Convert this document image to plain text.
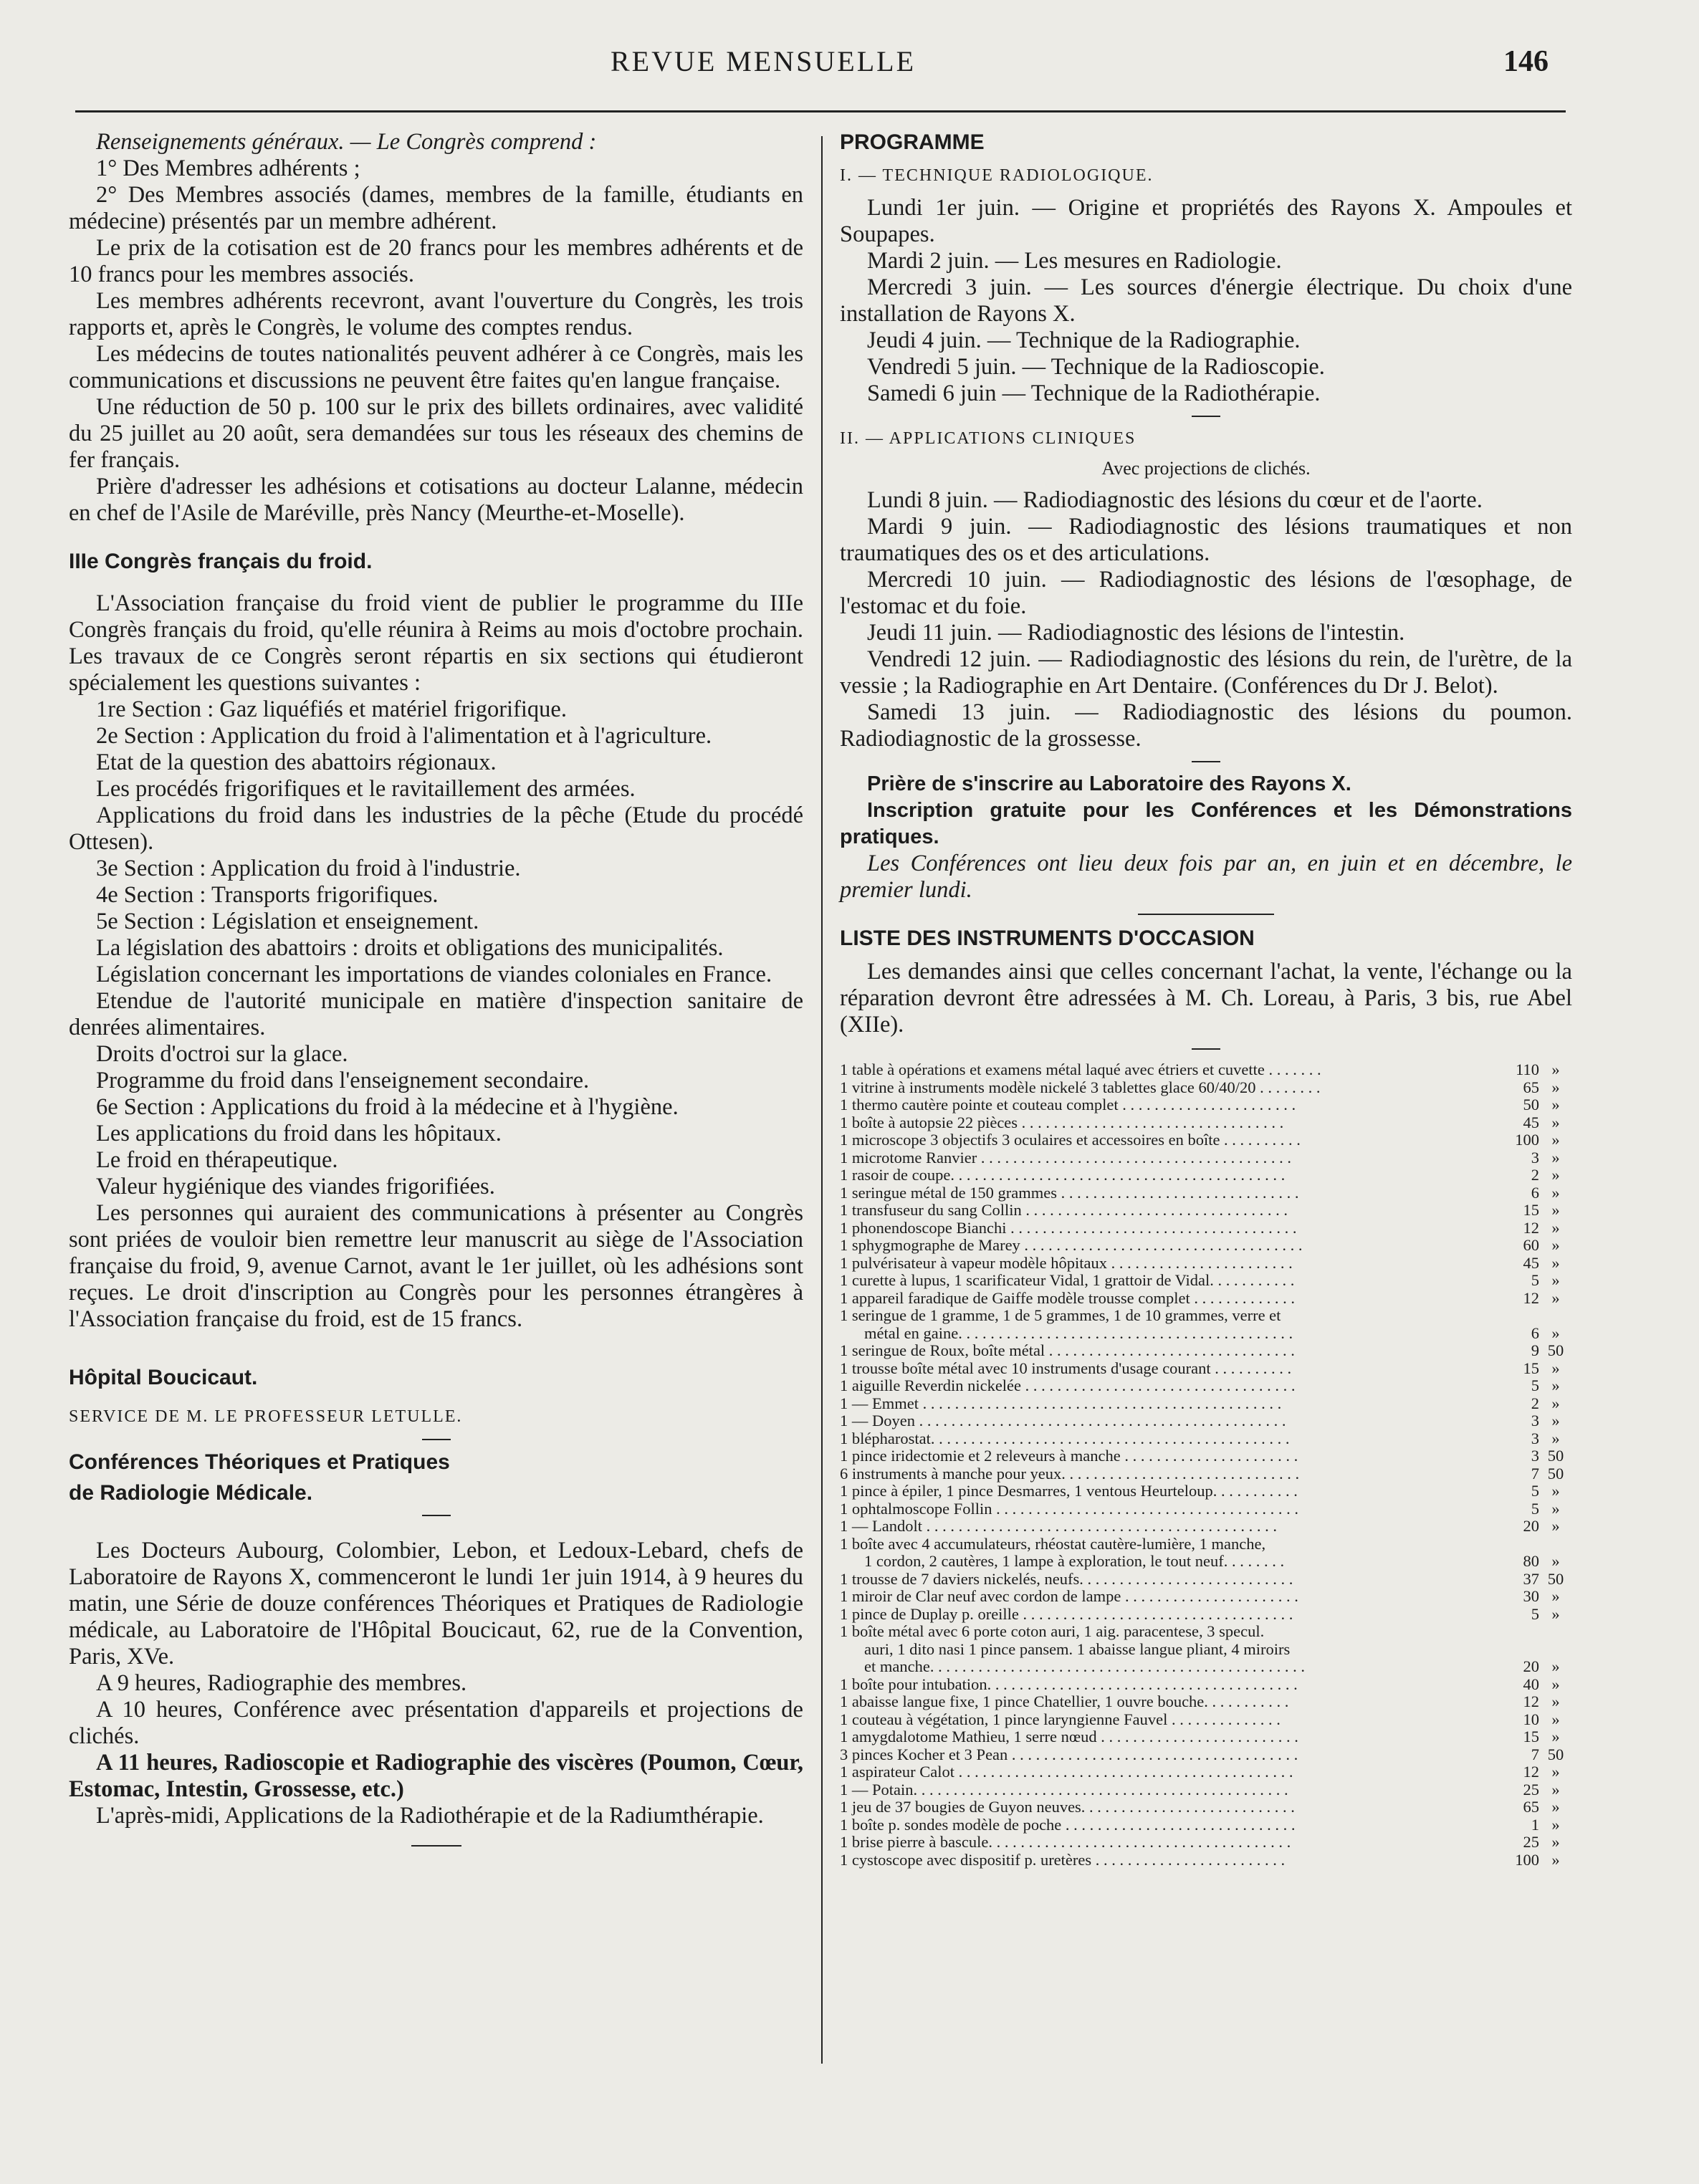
REVUE MENSUELLE	146

Renseignements généraux. — Le Congrès comprend :

1° Des Membres adhérents ;

2° Des Membres associés (dames, membres de la famille, étudiants en médecine) présentés par un membre adhérent.

Le prix de la cotisation est de 20 francs pour les membres adhérents et de 10 francs pour les membres associés.

Les membres adhérents recevront, avant l'ouverture du Congrès, les trois rapports et, après le Congrès, le volume des comptes rendus.

Les médecins de toutes nationalités peuvent adhérer à ce Congrès, mais les communications et discussions ne peuvent être faites qu'en langue française.

Une réduction de 50 p. 100 sur le prix des billets ordinaires, avec validité du 25 juillet au 20 août, sera demandées sur tous les réseaux des chemins de fer français.

Prière d'adresser les adhésions et cotisations au docteur Lalanne, médecin en chef de l'Asile de Maréville, près Nancy (Meurthe-et-Moselle).

IIIe Congrès français du froid.

L'Association française du froid vient de publier le programme du IIIe Congrès français du froid, qu'elle réunira à Reims au mois d'octobre prochain. Les travaux de ce Congrès seront répartis en six sections qui étudieront spécialement les questions suivantes :

1re Section : Gaz liquéfiés et matériel frigorifique.

2e Section : Application du froid à l'alimentation et à l'agriculture.

Etat de la question des abattoirs régionaux.

Les procédés frigorifiques et le ravitaillement des armées.

Applications du froid dans les industries de la pêche (Etude du procédé Ottesen).

3e Section : Application du froid à l'industrie.

4e Section : Transports frigorifiques.

5e Section : Législation et enseignement.

La législation des abattoirs : droits et obligations des municipalités.

Législation concernant les importations de viandes coloniales en France.

Etendue de l'autorité municipale en matière d'inspection sanitaire de denrées alimentaires.

Droits d'octroi sur la glace.

Programme du froid dans l'enseignement secondaire.

6e Section : Applications du froid à la médecine et à l'hygiène.

Les applications du froid dans les hôpitaux.

Le froid en thérapeutique.

Valeur hygiénique des viandes frigorifiées.

Les personnes qui auraient des communications à présenter au Congrès sont priées de vouloir bien remettre leur manuscrit au siège de l'Association française du froid, 9, avenue Carnot, avant le 1er juillet, où les adhésions sont reçues. Le droit d'inscription au Congrès pour les personnes étrangères à l'Association française du froid, est de 15 francs.

Hôpital Boucicaut.

SERVICE DE M. LE PROFESSEUR LETULLE.

Conférences Théoriques et Pratiques

de Radiologie Médicale.

Les Docteurs Aubourg, Colombier, Lebon, et Ledoux-Lebard, chefs de Laboratoire de Rayons X, commenceront le lundi 1er juin 1914, à 9 heures du matin, une Série de douze conférences Théoriques et Pratiques de Radiologie médicale, au Laboratoire de l'Hôpital Boucicaut, 62, rue de la Convention, Paris, XVe.

A 9 heures, Radiographie des membres.

A 10 heures, Conférence avec présentation d'appareils et projections de clichés.

A 11 heures, Radioscopie et Radiographie des viscères (Poumon, Cœur, Estomac, Intestin, Grossesse, etc.)

L'après-midi, Applications de la Radiothérapie et de la Radiumthérapie.

PROGRAMME

I. — TECHNIQUE RADIOLOGIQUE.

Lundi 1er juin. — Origine et propriétés des Rayons X. Ampoules et Soupapes.

Mardi 2 juin. — Les mesures en Radiologie.

Mercredi 3 juin. — Les sources d'énergie électrique. Du choix d'une installation de Rayons X.

Jeudi 4 juin. — Technique de la Radiographie.

Vendredi 5 juin. — Technique de la Radioscopie.

Samedi 6 juin — Technique de la Radiothérapie.

II. — APPLICATIONS CLINIQUES

Avec projections de clichés.

Lundi 8 juin. — Radiodiagnostic des lésions du cœur et de l'aorte.

Mardi 9 juin. — Radiodiagnostic des lésions traumatiques et non traumatiques des os et des articulations.

Mercredi 10 juin. — Radiodiagnostic des lésions de l'œsophage, de l'estomac et du foie.

Jeudi 11 juin. — Radiodiagnostic des lésions de l'intestin.

Vendredi 12 juin. — Radiodiagnostic des lésions du rein, de l'urètre, de la vessie ; la Radiographie en Art Dentaire. (Conférences du Dr J. Belot).

Samedi 13 juin. — Radiodiagnostic des lésions du poumon. Radiodiagnostic de la grossesse.

Prière de s'inscrire au Laboratoire des Rayons X.

Inscription gratuite pour les Conférences et les Démonstrations pratiques.

Les Conférences ont lieu deux fois par an, en juin et en décembre, le premier lundi.

LISTE DES INSTRUMENTS D'OCCASION

Les demandes ainsi que celles concernant l'achat, la vente, l'échange ou la réparation devront être adressées à M. Ch. Loreau, à Paris, 3 bis, rue Abel (XIIe).

1 table à opérations et examens métal laqué avec étriers et cuvette . . . . . . .	110 »
1 vitrine à instruments modèle nickelé 3 tablettes glace 60/40/20 . . . . . . . .	65 »
1 thermo cautère pointe et couteau complet . . . . . . . . . . . . . . . . . . . . . .	50 »
1 boîte à autopsie 22 pièces . . . . . . . . . . . . . . . . . . . . . . . . . . . . . . . . .	45 »
1 microscope 3 objectifs 3 oculaires et accessoires en boîte . . . . . . . . . .	100 »
1 microtome Ranvier . . . . . . . . . . . . . . . . . . . . . . . . . . . . . . . . . . . . . . .	3 »
1 rasoir de coupe. . . . . . . . . . . . . . . . . . . . . . . . . . . . . . . . . . . . . . . . . .	2 »
1 seringue métal de 150 grammes . . . . . . . . . . . . . . . . . . . . . . . . . . . . . .	6 »
1 transfuseur du sang Collin . . . . . . . . . . . . . . . . . . . . . . . . . . . . . . . . .	15 »
1 phonendoscope Bianchi . . . . . . . . . . . . . . . . . . . . . . . . . . . . . . . . . . . .	12 »
1 sphygmographe de Marey . . . . . . . . . . . . . . . . . . . . . . . . . . . . . . . . . . .	60 »
1 pulvérisateur à vapeur modèle hôpitaux . . . . . . . . . . . . . . . . . . . . . . .	45 »
1 curette à lupus, 1 scarificateur Vidal, 1 grattoir de Vidal. . . . . . . . . . .	5 »
1 appareil faradique de Gaiffe modèle trousse complet . . . . . . . . . . . . .	12 »
1 seringue de 1 gramme, 1 de 5 grammes, 1 de 10 grammes, verre et
métal en gaine. . . . . . . . . . . . . . . . . . . . . . . . . . . . . . . . . . . . . . . . . .	6 »
1 seringue de Roux, boîte métal . . . . . . . . . . . . . . . . . . . . . . . . . . . . . . .	9 50
1 trousse boîte métal avec 10 instruments d'usage courant . . . . . . . . . .	15 »
1 aiguille Reverdin nickelée . . . . . . . . . . . . . . . . . . . . . . . . . . . . . . . . . .	5 »
1 — Emmet . . . . . . . . . . . . . . . . . . . . . . . . . . . . . . . . . . . . . . . . . . . . .	2 »
1 — Doyen . . . . . . . . . . . . . . . . . . . . . . . . . . . . . . . . . . . . . . . . . . . . . .	3 »
1 blépharostat. . . . . . . . . . . . . . . . . . . . . . . . . . . . . . . . . . . . . . . . . . . . .	3 »
1 pince iridectomie et 2 releveurs à manche . . . . . . . . . . . . . . . . . . . . . .	3 50
6 instruments à manche pour yeux. . . . . . . . . . . . . . . . . . . . . . . . . . . . . .	7 50
1 pince à épiler, 1 pince Desmarres, 1 ventous Heurteloup. . . . . . . . . . .	5 »
1 ophtalmoscope Follin . . . . . . . . . . . . . . . . . . . . . . . . . . . . . . . . . . . . . .	5 »
1 — Landolt . . . . . . . . . . . . . . . . . . . . . . . . . . . . . . . . . . . . . . . . . . . .	20 »
1 boîte avec 4 accumulateurs, rhéostat cautère-lumière, 1 manche,
1 cordon, 2 cautères, 1 lampe à exploration, le tout neuf. . . . . . . .	80 »
1 trousse de 7 daviers nickelés, neufs. . . . . . . . . . . . . . . . . . . . . . . . . . .	37 50
1 miroir de Clar neuf avec cordon de lampe . . . . . . . . . . . . . . . . . . . . . .	30 »
1 pince de Duplay p. oreille . . . . . . . . . . . . . . . . . . . . . . . . . . . . . . . . . .	5 »
1 boîte métal avec 6 porte coton auri, 1 aig. paracentese, 3 specul.
auri, 1 dito nasi 1 pince pansem. 1 abaisse langue pliant, 4 miroirs
et manche. . . . . . . . . . . . . . . . . . . . . . . . . . . . . . . . . . . . . . . . . . . . . . .	20 »
1 boîte pour intubation. . . . . . . . . . . . . . . . . . . . . . . . . . . . . . . . . . . . . . .	40 »
1 abaisse langue fixe, 1 pince Chatellier, 1 ouvre bouche. . . . . . . . . . .	12 »
1 couteau à végétation, 1 pince laryngienne Fauvel . . . . . . . . . . . . . .	10 »
1 amygdalotome Mathieu, 1 serre nœud . . . . . . . . . . . . . . . . . . . . . . . . .	15 »
3 pinces Kocher et 3 Pean . . . . . . . . . . . . . . . . . . . . . . . . . . . . . . . . . . . .	7 50
1 aspirateur Calot . . . . . . . . . . . . . . . . . . . . . . . . . . . . . . . . . . . . . . . . . .	12 »
1 — Potain. . . . . . . . . . . . . . . . . . . . . . . . . . . . . . . . . . . . . . . . . . . . . . .	25 »
1 jeu de 37 bougies de Guyon neuves. . . . . . . . . . . . . . . . . . . . . . . . . . .	65 »
1 boîte p. sondes modèle de poche . . . . . . . . . . . . . . . . . . . . . . . . . . . . .	1 »
1 brise pierre à bascule. . . . . . . . . . . . . . . . . . . . . . . . . . . . . . . . . . . . . .	25 »
1 cystoscope avec dispositif p. uretères . . . . . . . . . . . . . . . . . . . . . . . .	100 »
